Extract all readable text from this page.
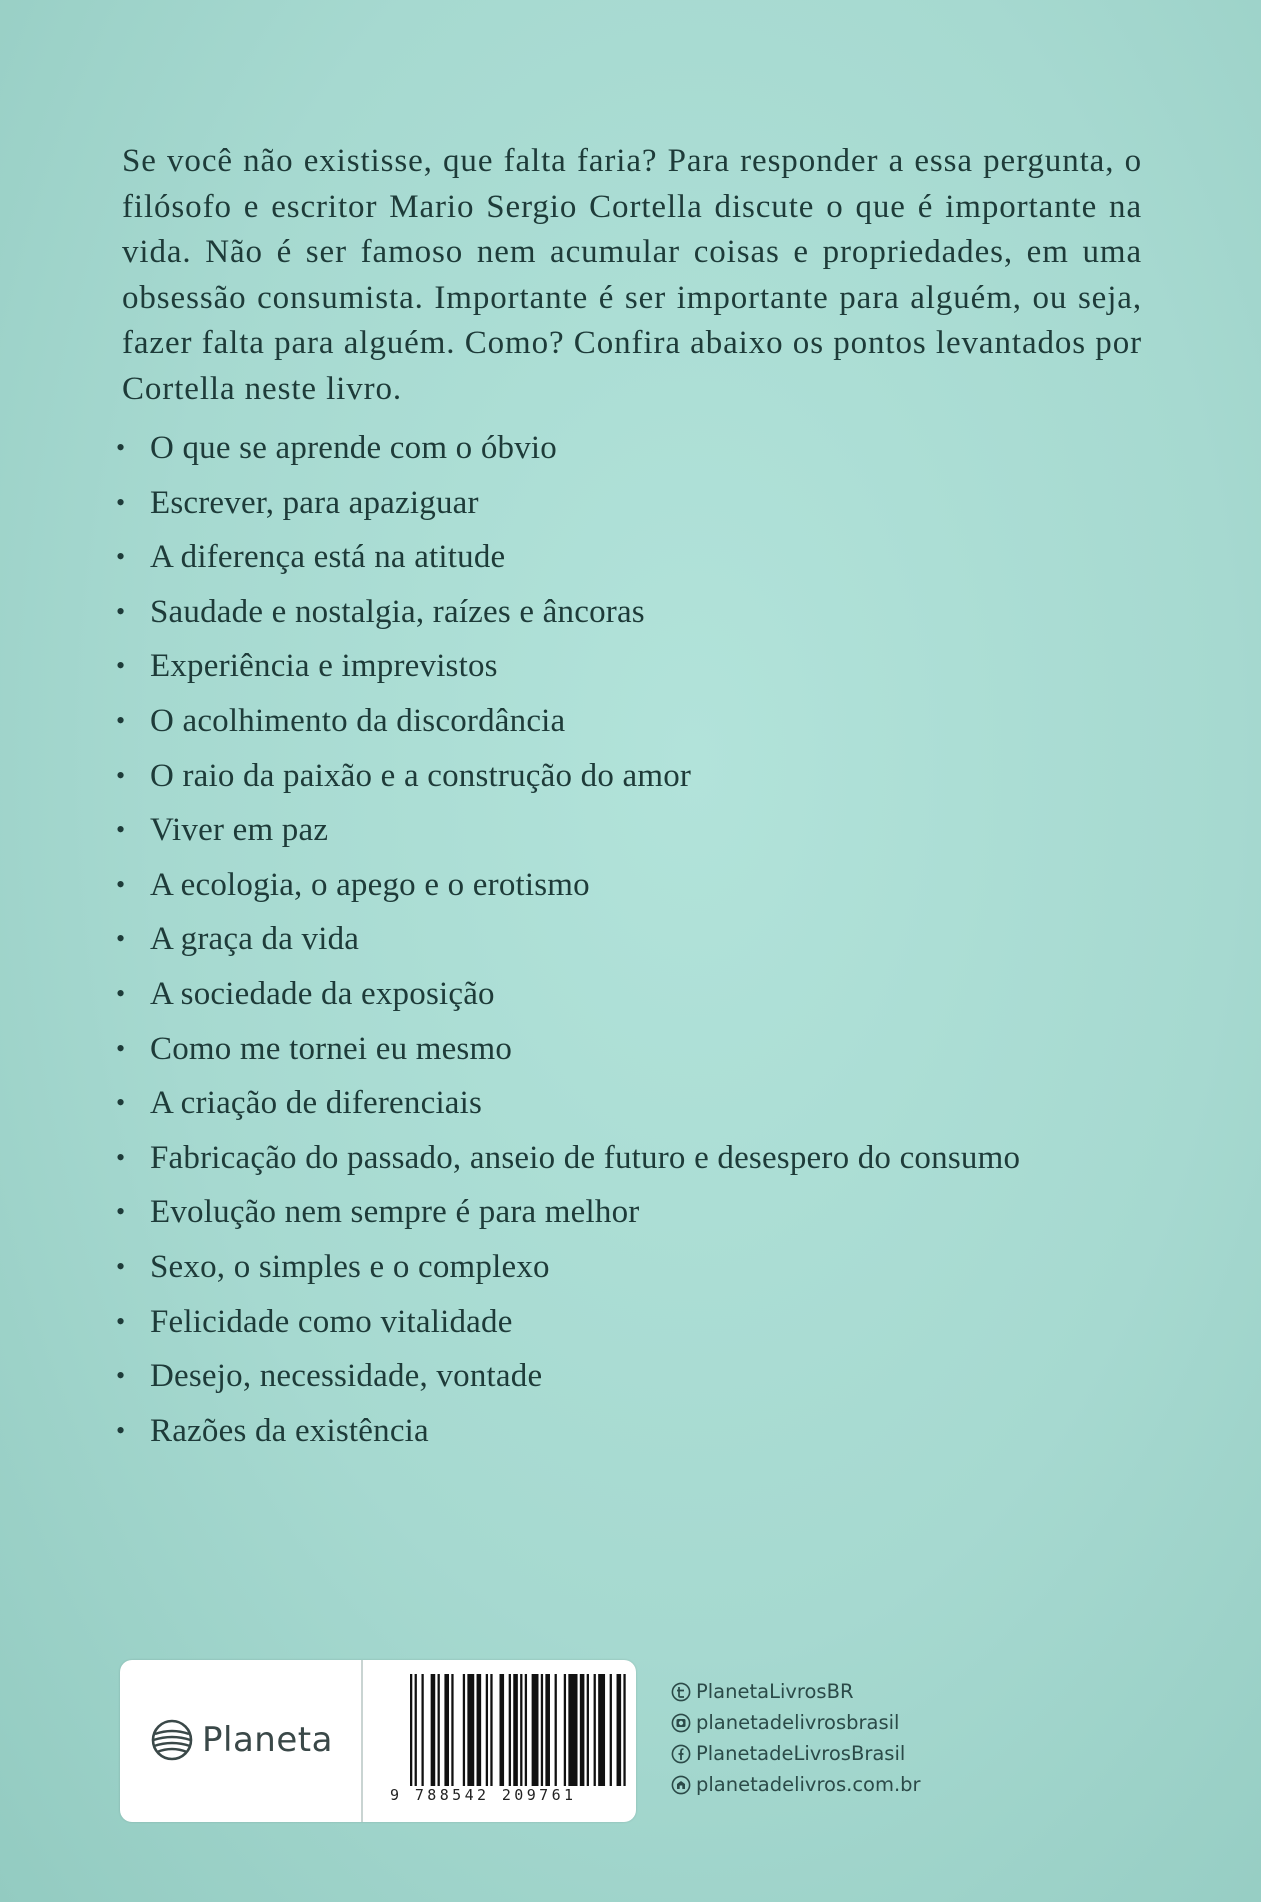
Se você não existisse, que falta faria? Para responder a essa pergunta, o filósofo e escritor Mario Sergio Cortella discute o que é importante na vida. Não é ser famoso nem acumular coisas e propriedades, em uma obsessão consumista. Importante é ser importante para alguém, ou seja, fazer falta para alguém. Como? Confira abaixo os pontos levantados por Cortella neste livro.

• O que se aprende com o óbvio
• Escrever, para apaziguar
• A diferença está na atitude
• Saudade e nostalgia, raízes e âncoras
• Experiência e imprevistos
• O acolhimento da discordância
• O raio da paixão e a construção do amor
• Viver em paz
• A ecologia, o apego e o erotismo
• A graça da vida
• A sociedade da exposição
• Como me tornei eu mesmo
• A criação de diferenciais
• Fabricação do passado, anseio de futuro e desespero do consumo
• Evolução nem sempre é para melhor
• Sexo, o simples e o complexo
• Felicidade como vitalidade
• Desejo, necessidade, vontade
• Razões da existência
Planeta
9 788542 209761
PlanetaLivrosBR
planetadelivrosbrasil
PlanetadeLivrosBrasil
planetadelivros.com.br
